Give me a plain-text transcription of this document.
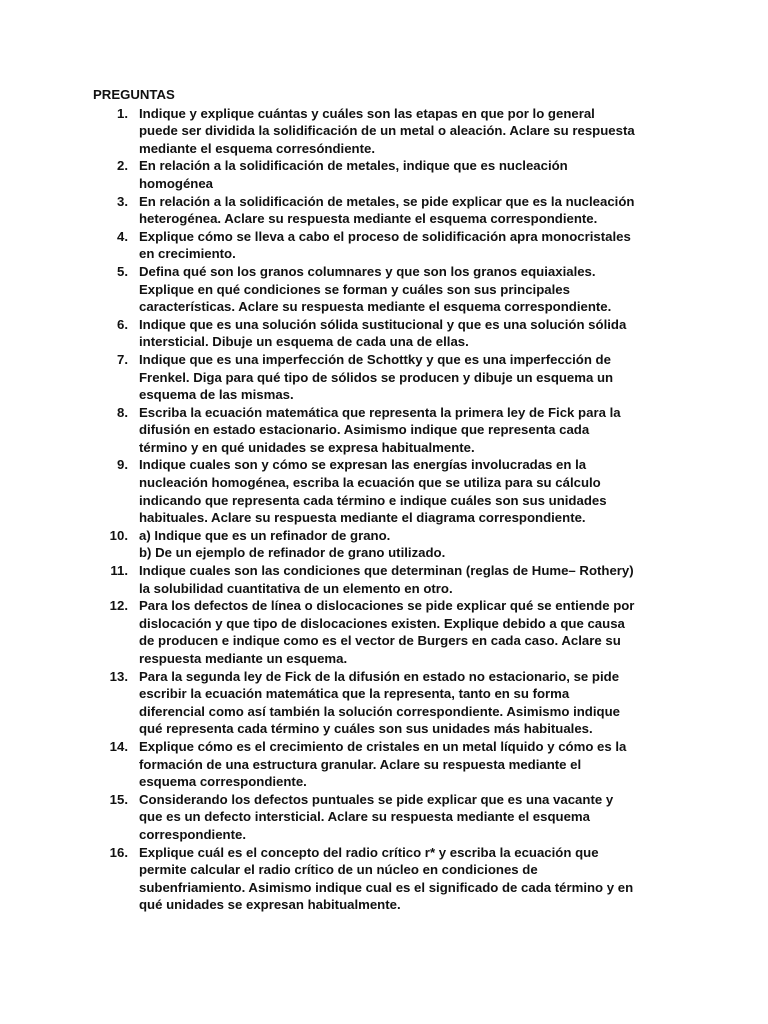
PREGUNTAS
1. Indique y explique cuántas y cuáles son las etapas en que por lo general
puede ser dividida la solidificación de un metal o aleación. Aclare su respuesta
mediante el esquema corresóndiente.
2. En relación a la solidificación de metales, indique que es nucleación
homogénea
3. En relación a la solidificación de metales, se pide explicar que es la nucleación
heterogénea. Aclare su respuesta mediante el esquema correspondiente.
4. Explique cómo se lleva a cabo el proceso de solidificación apra monocristales
en crecimiento.
5. Defina qué son los granos columnares y que son los granos equiaxiales.
Explique en qué condiciones se forman y cuáles son sus principales
características. Aclare su respuesta mediante el esquema correspondiente.
6. Indique que es una solución sólida sustitucional y que es una solución sólida
intersticial. Dibuje un esquema de cada una de ellas.
7. Indique que es una imperfección de Schottky y que es una imperfección de
Frenkel. Diga para qué tipo de sólidos se producen y dibuje un esquema un
esquema de las mismas.
8. Escriba la ecuación matemática que representa la primera ley de Fick para la
difusión en estado estacionario. Asimismo indique que representa cada
término y en qué unidades se expresa habitualmente.
9. Indique cuales son y cómo se expresan las energías involucradas en la
nucleación homogénea, escriba la ecuación que se utiliza para su cálculo
indicando que representa cada término e indique cuáles son sus unidades
habituales. Aclare su respuesta mediante el diagrama correspondiente.
10. a) Indique que es un refinador de grano.
b) De un ejemplo de refinador de grano utilizado.
11. Indique cuales son las condiciones que determinan (reglas de Hume– Rothery)
la solubilidad cuantitativa de un elemento en otro.
12. Para los defectos de línea o dislocaciones se pide explicar qué se entiende por
dislocación y que tipo de dislocaciones existen. Explique debido a que causa
de producen e indique como es el vector de Burgers en cada caso. Aclare su
respuesta mediante un esquema.
13. Para la segunda ley de Fick de la difusión en estado no estacionario, se pide
escribir la ecuación matemática que la representa, tanto en su forma
diferencial como así también la solución correspondiente. Asimismo indique
qué representa cada término y cuáles son sus unidades más habituales.
14. Explique cómo es el crecimiento de cristales en un metal líquido y cómo es la
formación de una estructura granular. Aclare su respuesta mediante el
esquema correspondiente.
15. Considerando los defectos puntuales se pide explicar que es una vacante y
que es un defecto intersticial. Aclare su respuesta mediante el esquema
correspondiente.
16. Explique cuál es el concepto del radio crítico r* y escriba la ecuación que
permite calcular el radio crítico de un núcleo en condiciones de
subenfriamiento. Asimismo indique cual es el significado de cada término y en
qué unidades se expresan habitualmente.
